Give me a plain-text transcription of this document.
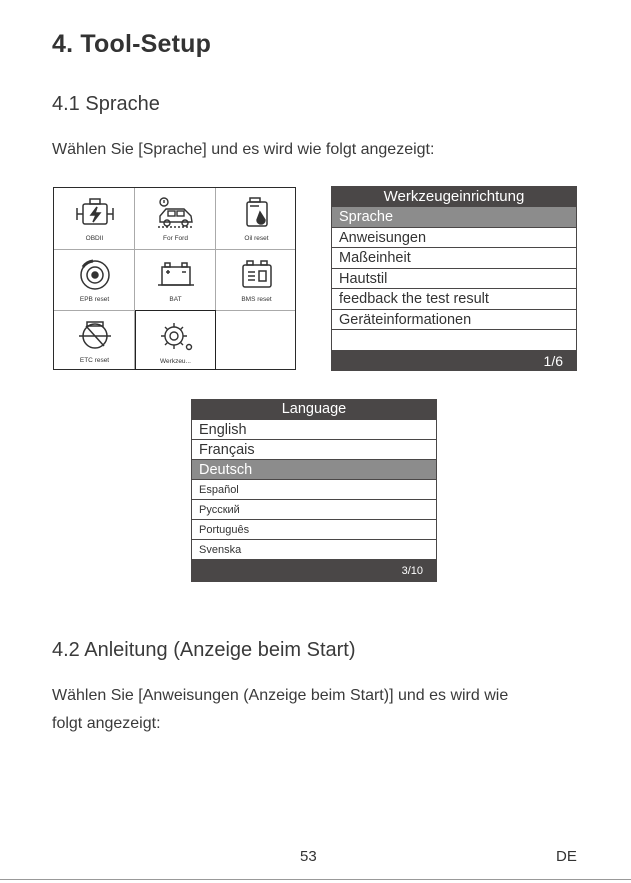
4. Tool-Setup
4.1 Sprache
Wählen Sie [Sprache] und es wird wie folgt angezeigt:
OBDII	For Ford	Oil reset
EPB reset	BAT	BMS reset
ETC reset	Werkzeu...
Werkzeugeinrichtung
Sprache
Anweisungen
Maßeinheit
Hautstil
feedback the test result
Geräteinformationen
1/6
Language
English
Français
Deutsch
Español
Русский
Português
Svenska
3/10
4.2 Anleitung (Anzeige beim Start)
Wählen Sie [Anweisungen (Anzeige beim Start)] und es wird wie
folgt angezeigt:
53	DE
